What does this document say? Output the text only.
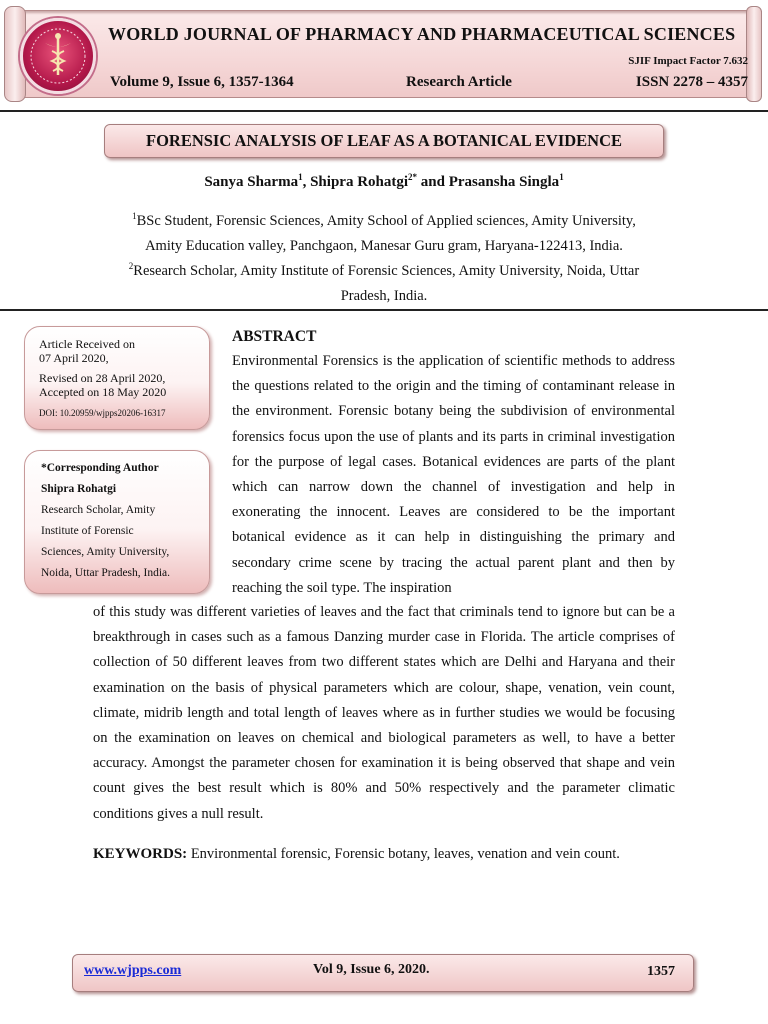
WORLD JOURNAL OF PHARMACY AND PHARMACEUTICAL SCIENCES
SJIF Impact Factor 7.632
Volume 9, Issue 6, 1357-1364	Research Article	ISSN 2278 – 4357
FORENSIC ANALYSIS OF LEAF AS A BOTANICAL EVIDENCE
Sanya Sharma$^1$, Shipra Rohatgi$^{2*}$ and Prasansha Singla$^1$
$^1$BSc Student, Forensic Sciences, Amity School of Applied sciences, Amity University,
Amity Education valley, Panchgaon, Manesar Guru gram, Haryana-122413, India.
$^2$Research Scholar, Amity Institute of Forensic Sciences, Amity University, Noida, Uttar
Pradesh, India.
Article Received on
07 April 2020,
Revised on 28 April 2020,
Accepted on 18 May 2020
DOI: 10.20959/wjpps20206-16317
*Corresponding Author
Shipra Rohatgi
Research Scholar, Amity
Institute of Forensic
Sciences, Amity University,
Noida, Uttar Pradesh, India.
ABSTRACT
Environmental Forensics is the application of scientific methods to address the questions related to the origin and the timing of contaminant release in the environment. Forensic botany being the subdivision of environmental forensics focus upon the use of plants and its parts in criminal investigation for the purpose of legal cases. Botanical evidences are parts of the plant which can narrow down the channel of investigation and help in exonerating the innocent. Leaves are considered to be the important botanical evidence as it can help in distinguishing the primary and secondary crime scene by tracing the actual parent plant and then by reaching the soil type. The inspiration
of this study was different varieties of leaves and the fact that criminals tend to ignore but can be a breakthrough in cases such as a famous Danzing murder case in Florida. The article comprises of collection of 50 different leaves from two different states which are Delhi and Haryana and their examination on the basis of physical parameters which are colour, shape, venation, vein count, climate, midrib length and total length of leaves where as in further studies we would be focusing on the examination on leaves on chemical and biological parameters as well, to have a better accuracy. Amongst the parameter chosen for examination it is being observed that shape and vein count gives the best result which is 80% and 50% respectively and the parameter climatic conditions gives a null result.
KEYWORDS: Environmental forensic, Forensic botany, leaves, venation and vein count.
www.wjpps.com	Vol 9, Issue 6, 2020.	1357
